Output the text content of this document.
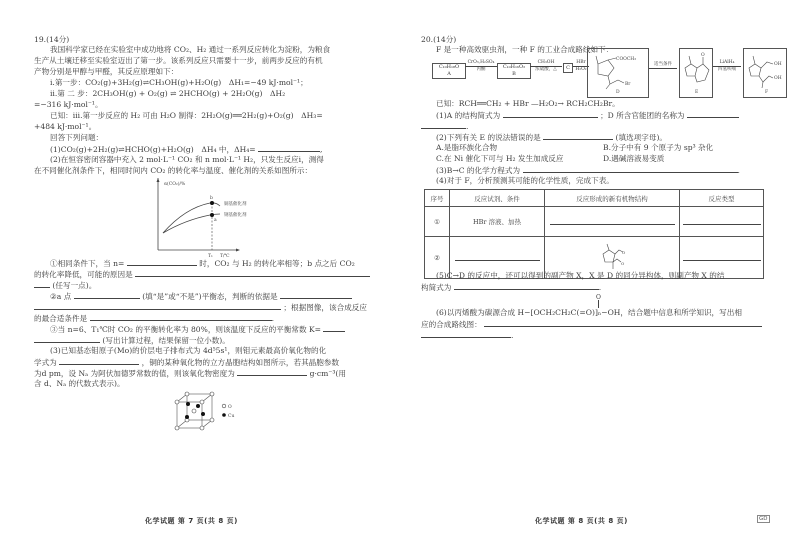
19.(14分)
我国科学家已经在实验室中成功地将 CO₂、H₂ 通过一系列反应转化为淀粉，为粮食
生产从土壤迁移至实验室迈出了第一步。该系列反应只需要十一步，前两步反应的有机
产物分别是甲醇与甲醛，其反应原理如下：
ⅰ.第一步：CO₂(g)+3H₂(g)⇌CH₃OH(g)+H₂O(g)　ΔH₁=−49 kJ·mol⁻¹；
ⅱ.第 二 步：2CH₃OH(g) + O₂(g) ⇌ 2HCHO(g) + 2H₂O(g)　ΔH₂
=−316 kJ·mol⁻¹。
已知：ⅲ.第一步反应的 H₂ 可由 H₂O 制得：2H₂O(g)══2H₂(g)+O₂(g)　ΔH₃=
+484 kJ·mol⁻¹。
回答下列问题：
(1)CO₂(g)+2H₂(g)⇌HCHO(g)+H₂O(g)　ΔH₄ 中，ΔH₄=	,
(2)在恒容密闭容器中充入 2 mol·L⁻¹ CO₂ 和 n mol·L⁻¹ H₂，只发生反应ⅰ，测得
在不同催化剂条件下，相同时间内 CO₂ 的转化率与温度、催化剂的关系如图所示：
b
a
α(CO₂)/%
铜基催化剂
钢基催化剂
T₁ T/℃
①相同条件下，当 n=	时，CO₂ 与 H₂ 的转化率相等；b 点之后 CO₂
的转化率降低，可能的原因是
(任写一点)。
②a 点	(填“是”或“不是”)平衡态，判断的依据是
；根据图像，该合成反应
的最合适条件是	.
③当 n=6、T₁℃时 CO₂ 的平衡转化率为 80%，则该温度下反应的平衡常数 K=
(写出计算过程，结果保留一位小数)。
(3)已知基态钼原子(Mo)的价层电子排布式为 4d⁵5s¹，则钼元素最高价氧化物的化
学式为	，铜的某种氧化物的立方晶胞结构如图所示，若其晶胞参数
为d pm，设 Nₐ 为阿伏加德罗常数的值，则该氧化物密度为	g·cm⁻³(用
含 d、Nₐ 的代数式表示)。
O
Cu
化学试题 第 7 页(共 8 页)
20.(14分)
F 是一种高效驱虫剂，一种 F 的工业合成路线如下：
C₁₀H₁₈O
A
CrO₃,H₂SO₄
丙酮	C₁₀H₁₆O₂
B
CH₃OH
浓硫酸，△	C
HBr
H₂O₂
COOCH₃
Br
D
适当条件
O
E
LiAlH₄
四氢呋喃
OH
OH
F
已知：RCH══CH₂ + HBr —H₂O₂→ RCH₂CH₂Br。
(1)A 的结构简式为	；D 所含官能团的名称为
.
(2)下列有关 E 的说法错误的是	(填选项字母)。
A.是脂环族化合物	B.分子中有 9 个原子为 sp³ 杂化
C.在 Ni 催化下可与 H₂ 发生加成反应	D.遇碱溶液易变质
(3)B→C 的化学方程式为	.
(4)对于 F，分析预测其可能的化学性质，完成下表。
序号	反应试剂、条件	反应形成的新有机物结构	反应类型
①	HBr 溶液、加热		
②		O
O	

(5)C→D 的反应中，还可以得到的副产物 X，X 是 D 的同分异构体，则副产物 X 的结
构简式为	.
O
(6)以丙烯酸为碳源合成 H−[OCH₂CH₂C(=O)]ₙ−OH，结合题中信息和所学知识，写出相
应的合成路线图：
.
化学试题 第 8 页(共 8 页)	GD
